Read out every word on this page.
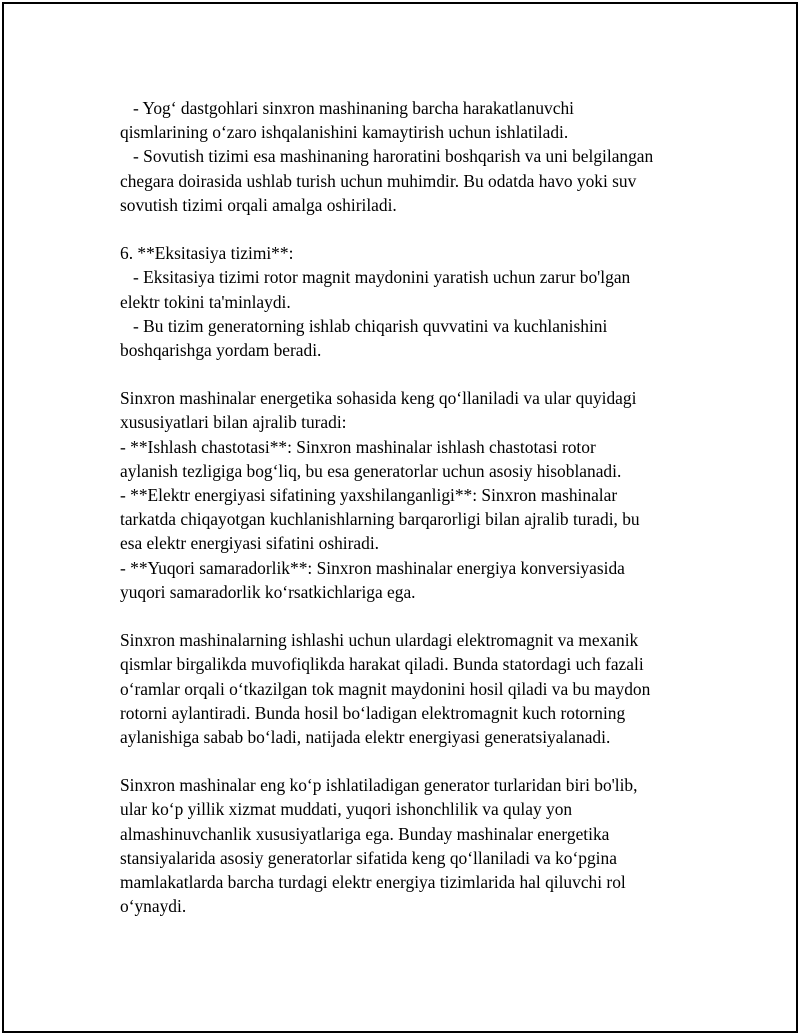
- Yog‘ dastgohlari sinxron mashinaning barcha harakatlanuvchi
qismlarining o‘zaro ishqalanishini kamaytirish uchun ishlatiladi.
- Sovutish tizimi esa mashinaning haroratini boshqarish va uni belgilangan
chegara doirasida ushlab turish uchun muhimdir. Bu odatda havo yoki suv
sovutish tizimi orqali amalga oshiriladi.
6. **Eksitasiya tizimi**:
- Eksitasiya tizimi rotor magnit maydonini yaratish uchun zarur bo'lgan
elektr tokini ta'minlaydi.
- Bu tizim generatorning ishlab chiqarish quvvatini va kuchlanishini
boshqarishga yordam beradi.
Sinxron mashinalar energetika sohasida keng qo‘llaniladi va ular quyidagi
xususiyatlari bilan ajralib turadi:
- **Ishlash chastotasi**: Sinxron mashinalar ishlash chastotasi rotor
aylanish tezligiga bog‘liq, bu esa generatorlar uchun asosiy hisoblanadi.
- **Elektr energiyasi sifatining yaxshilanganligi**: Sinxron mashinalar
tarkatda chiqayotgan kuchlanishlarning barqarorligi bilan ajralib turadi, bu
esa elektr energiyasi sifatini oshiradi.
- **Yuqori samaradorlik**: Sinxron mashinalar energiya konversiyasida
yuqori samaradorlik ko‘rsatkichlariga ega.
Sinxron mashinalarning ishlashi uchun ulardagi elektromagnit va mexanik
qismlar birgalikda muvofiqlikda harakat qiladi. Bunda statordagi uch fazali
o‘ramlar orqali o‘tkazilgan tok magnit maydonini hosil qiladi va bu maydon
rotorni aylantiradi. Bunda hosil bo‘ladigan elektromagnit kuch rotorning
aylanishiga sabab bo‘ladi, natijada elektr energiyasi generatsiyalanadi.
Sinxron mashinalar eng ko‘p ishlatiladigan generator turlaridan biri bo'lib,
ular ko‘p yillik xizmat muddati, yuqori ishonchlilik va qulay yon
almashinuvchanlik xususiyatlariga ega. Bunday mashinalar energetika
stansiyalarida asosiy generatorlar sifatida keng qo‘llaniladi va ko‘pgina
mamlakatlarda barcha turdagi elektr energiya tizimlarida hal qiluvchi rol
o‘ynaydi.
